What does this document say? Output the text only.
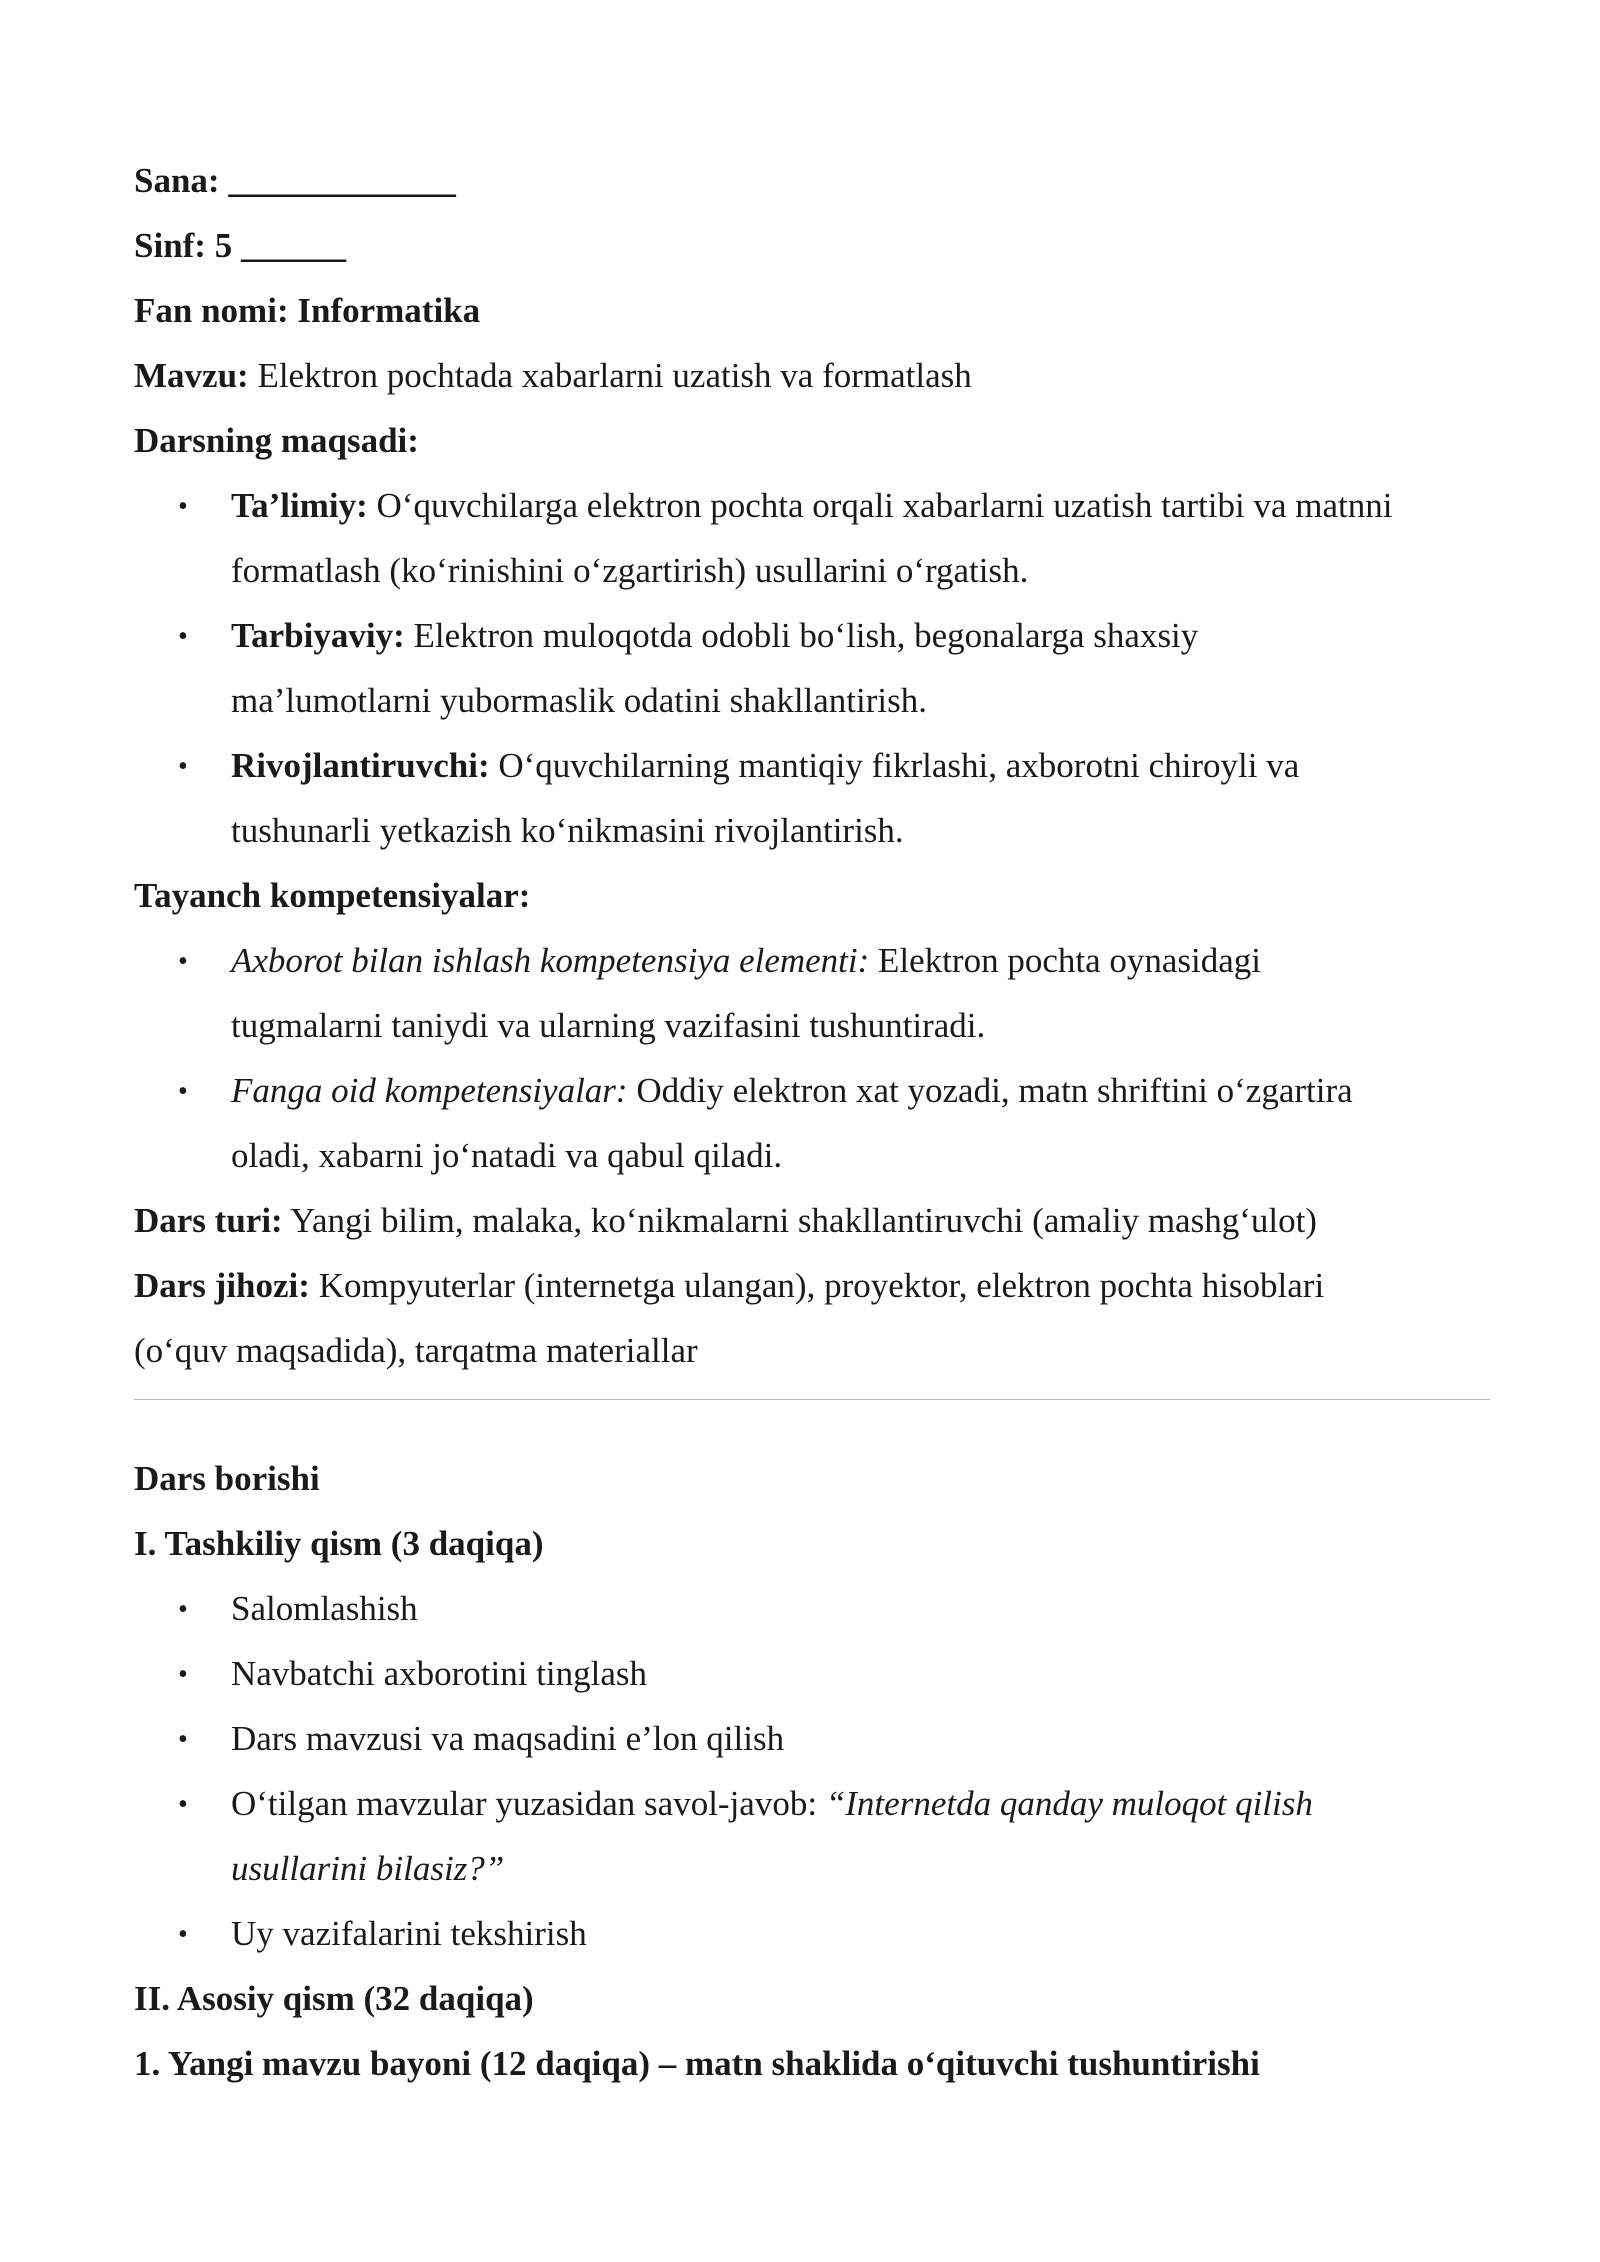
Sana: _____________
Sinf: 5 ______
Fan nomi: Informatika
Mavzu: Elektron pochtada xabarlarni uzatish va formatlash
Darsning maqsadi:
• Ta’limiy: O‘quvchilarga elektron pochta orqali xabarlarni uzatish tartibi va matnni
formatlash (ko‘rinishini o‘zgartirish) usullarini o‘rgatish.
• Tarbiyaviy: Elektron muloqotda odobli bo‘lish, begonalarga shaxsiy
ma’lumotlarni yubormaslik odatini shakllantirish.
• Rivojlantiruvchi: O‘quvchilarning mantiqiy fikrlashi, axborotni chiroyli va
tushunarli yetkazish ko‘nikmasini rivojlantirish.
Tayanch kompetensiyalar:
• Axborot bilan ishlash kompetensiya elementi: Elektron pochta oynasidagi
tugmalarni taniydi va ularning vazifasini tushuntiradi.
• Fanga oid kompetensiyalar: Oddiy elektron xat yozadi, matn shriftini o‘zgartira
oladi, xabarni jo‘natadi va qabul qiladi.
Dars turi: Yangi bilim, malaka, ko‘nikmalarni shakllantiruvchi (amaliy mashg‘ulot)
Dars jihozi: Kompyuterlar (internetga ulangan), proyektor, elektron pochta hisoblari
(o‘quv maqsadida), tarqatma materiallar
Dars borishi
I. Tashkiliy qism (3 daqiqa)
• Salomlashish
• Navbatchi axborotini tinglash
• Dars mavzusi va maqsadini e’lon qilish
• O‘tilgan mavzular yuzasidan savol-javob: “Internetda qanday muloqot qilish
usullarini bilasiz?”
• Uy vazifalarini tekshirish
II. Asosiy qism (32 daqiqa)
1. Yangi mavzu bayoni (12 daqiqa) – matn shaklida o‘qituvchi tushuntirishi
